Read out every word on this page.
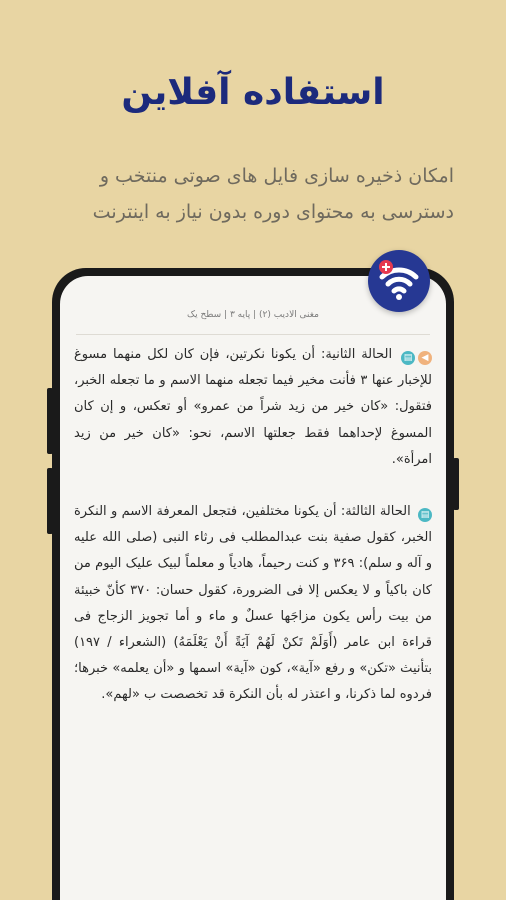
استفاده آفلاین
امکان ذخیره سازی فایل های صوتی منتخب و
دسترسی به محتوای دوره بدون نیاز به اینترنت
مغنی الادیب (۲) | پایه ۳ | سطح یک
◀▤ الحالة الثانیة: أن یکونا نکرتین، فإن کان لکل منهما مسوغ للإخبار عنها ۳ فأنت مخیر فیما تجعله منهما الاسم و ما تجعله الخبر، فتقول: «کان خیر من زید شراً من عمرو» أو تعکس، و إن کان المسوغ لإحداهما فقط جعلتها الاسم، نحو: «کان خیر من زید امرأة».
▤ الحالة الثالثة: أن یکونا مختلفین، فتجعل المعرفة الاسم و النکرة الخبر، کقول صفیة بنت عبدالمطلب فی رثاء النبی (صلی الله علیه و آله و سلم): ۳۶۹ و کنت رحیماً، هادیاً و معلماً لبیک علیک الیوم من کان باکیاً و لا یعکس إلا فی الضرورة، کقول حسان: ۳۷۰ کأنّ خبیئة من بیت رأس یکون مزاجَها عسلٌ و ماء و أما تجویز الزجاج فی قراءة ابن عامر (أَوَلَمْ تَکنْ لَهُمْ آیَةً أَنْ یَعْلَمَهُ) (الشعراء / ۱۹۷) بتأنیث «تکن» و رفع «آیة»، کون «آیة» اسمها و «أن یعلمه» خبرها؛ فردوه لما ذکرنا، و اعتذر له بأن النکرة قد تخصصت ب «لهم».
